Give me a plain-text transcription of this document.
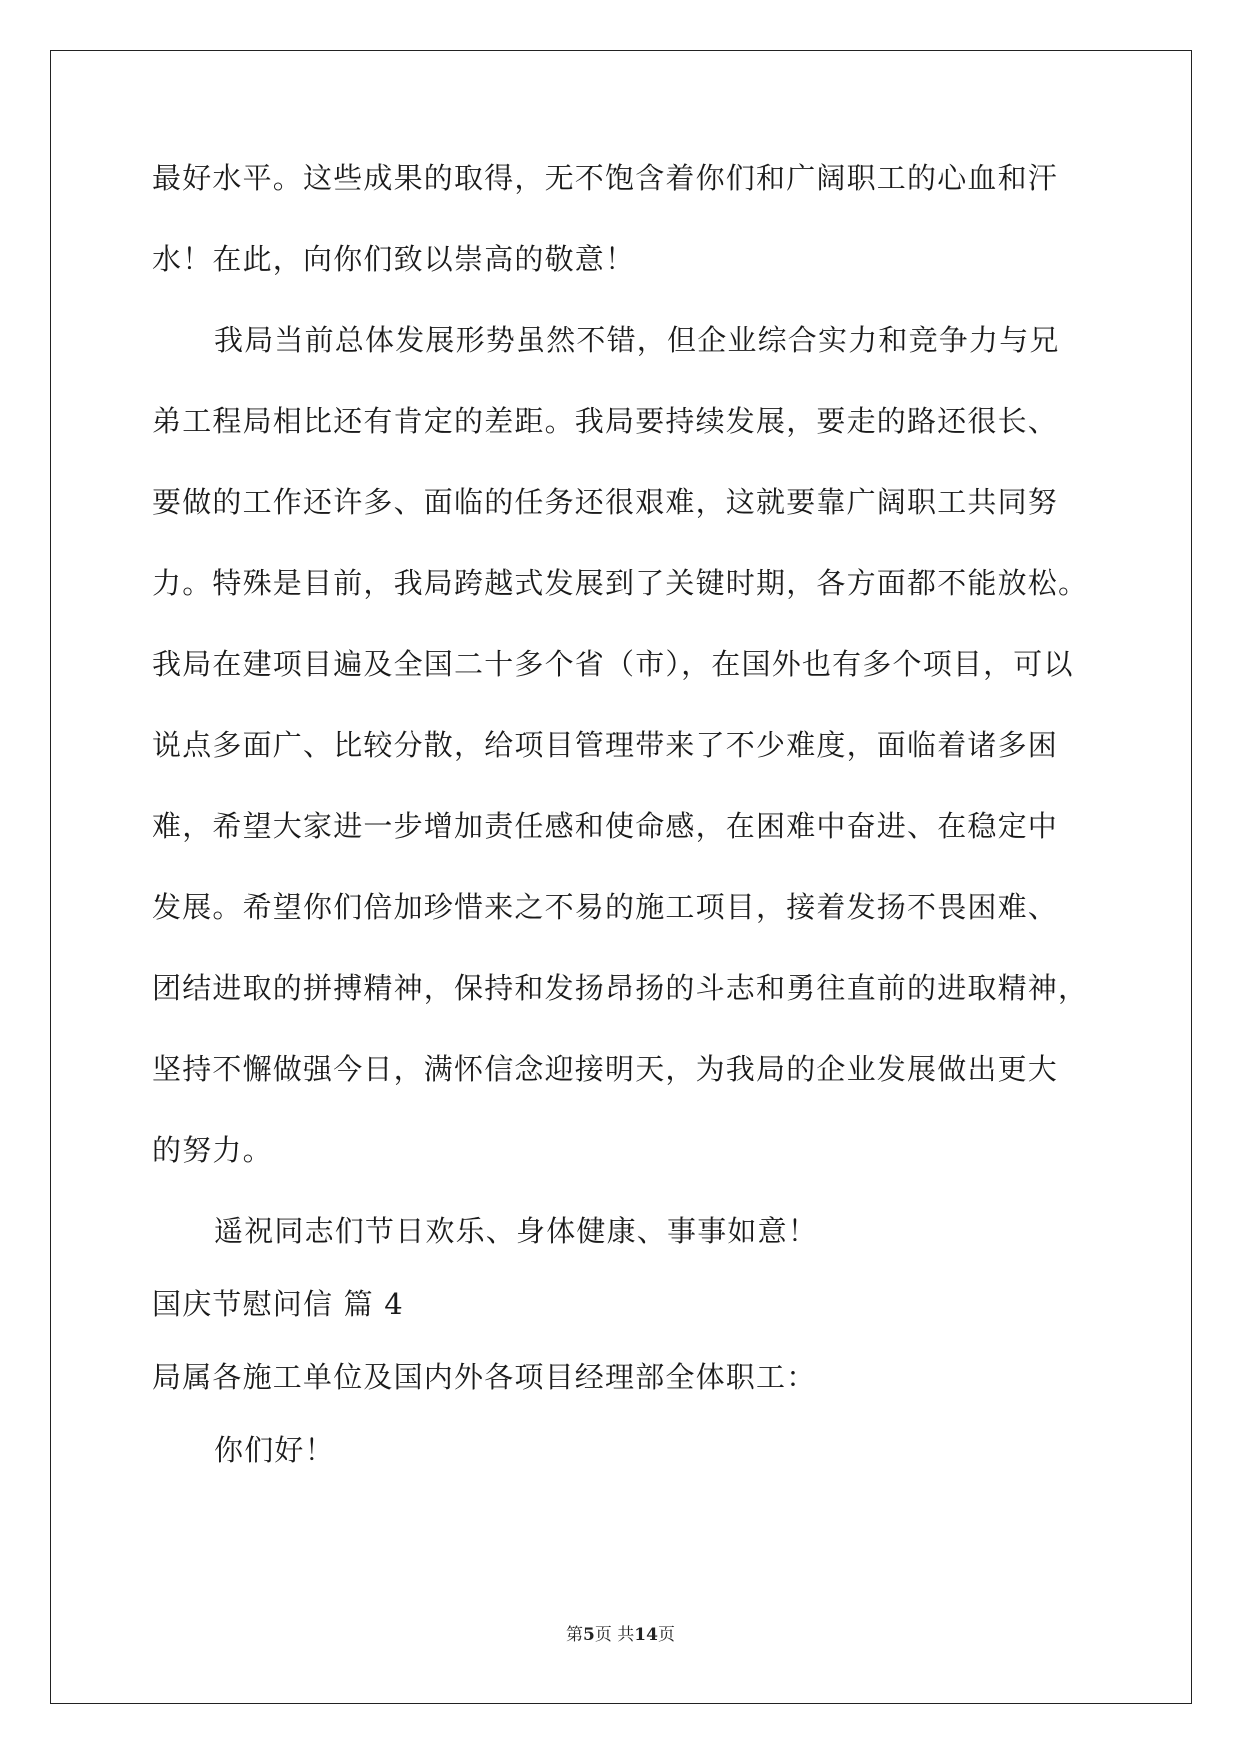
最好水平。这些成果的取得，无不饱含着你们和广阔职工的心血和汗
水！在此，向你们致以崇高的敬意！
我局当前总体发展形势虽然不错，但企业综合实力和竞争力与兄
弟工程局相比还有肯定的差距。我局要持续发展，要走的路还很长、
要做的工作还许多、面临的任务还很艰难，这就要靠广阔职工共同努
力。特殊是目前，我局跨越式发展到了关键时期，各方面都不能放松。
我局在建项目遍及全国二十多个省（市），在国外也有多个项目，可以
说点多面广、比较分散，给项目管理带来了不少难度，面临着诸多困
难，希望大家进一步增加责任感和使命感，在困难中奋进、在稳定中
发展。希望你们倍加珍惜来之不易的施工项目，接着发扬不畏困难、
团结进取的拼搏精神，保持和发扬昂扬的斗志和勇往直前的进取精神，
坚持不懈做强今日，满怀信念迎接明天，为我局的企业发展做出更大
的努力。
遥祝同志们节日欢乐、身体健康、事事如意！
国庆节慰问信 篇 4
局属各施工单位及国内外各项目经理部全体职工：
你们好！
第5页 共14页
